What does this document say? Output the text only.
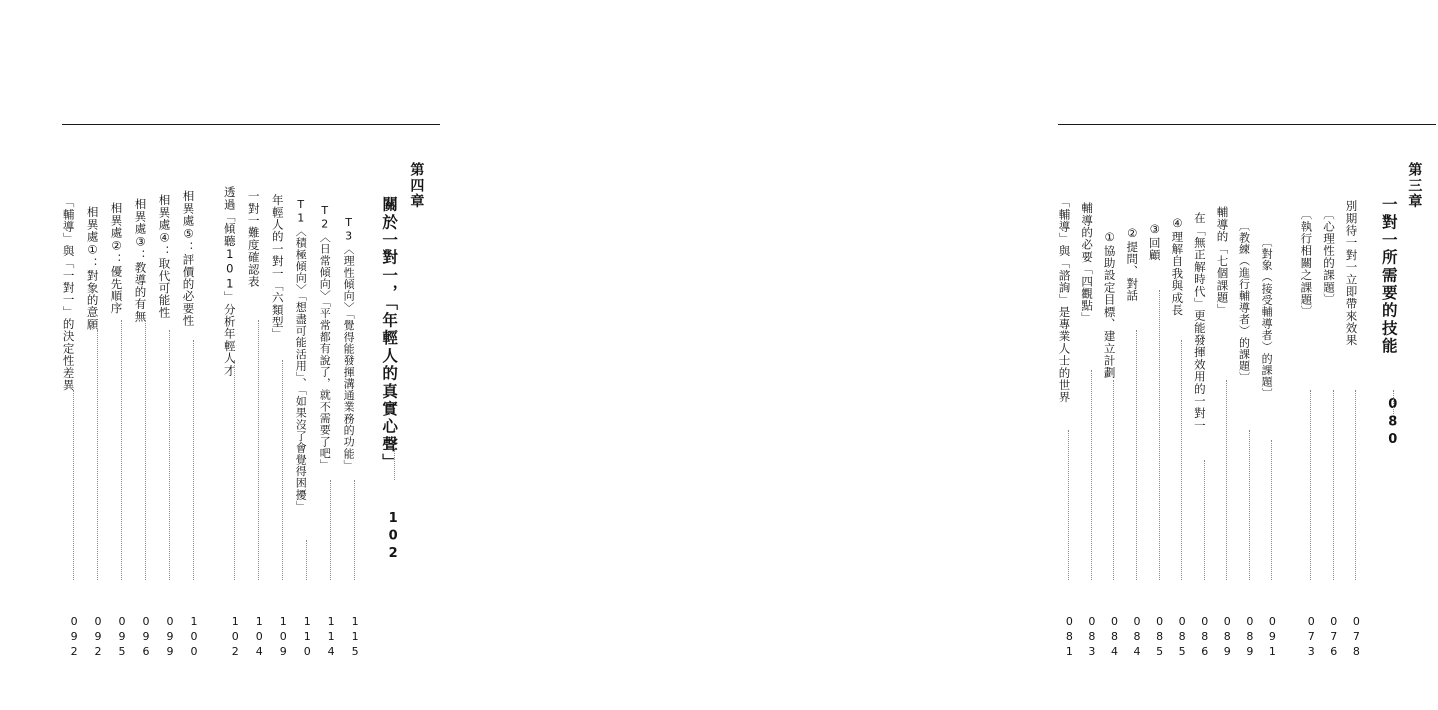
第三章
一對一所需要的技能
080
別期待一對一立即帶來效果
078
〔心理性的課題〕
076
〔執行相關之課題〕
073
〔對象（接受輔導者）的課題〕
091
〔教練（進行輔導者）的課題〕
089
輔導的「七個課題」
089
在「無正解時代」更能發揮效用的一對一
086
④理解自我與成長
085
③回顧
085
②提問、對話
084
①協助設定目標、建立計劃
084
輔導的必要「四觀點」
083
「輔導」與「諮詢」是專業人士的世界
081
第四章
關於一對一，「年輕人的真實心聲」
102
T3〈理性傾向〉「覺得能發揮溝通業務的功能」
115
T2〈日常傾向〉「平常都有說了，就不需要了吧」
114
T1〈積極傾向〉「想盡可能活用」、「如果沒了會覺得困擾」
110
年輕人的一對一「六類型」
109
一對一難度確認表
104
透過「傾聽101」分析年輕人才
102
相異處⑤：評價的必要性
100
相異處④：取代可能性
099
相異處③：教導的有無
096
相異處②：優先順序
095
相異處①：對象的意願
092
「輔導」與「一對一」的決定性差異
092
